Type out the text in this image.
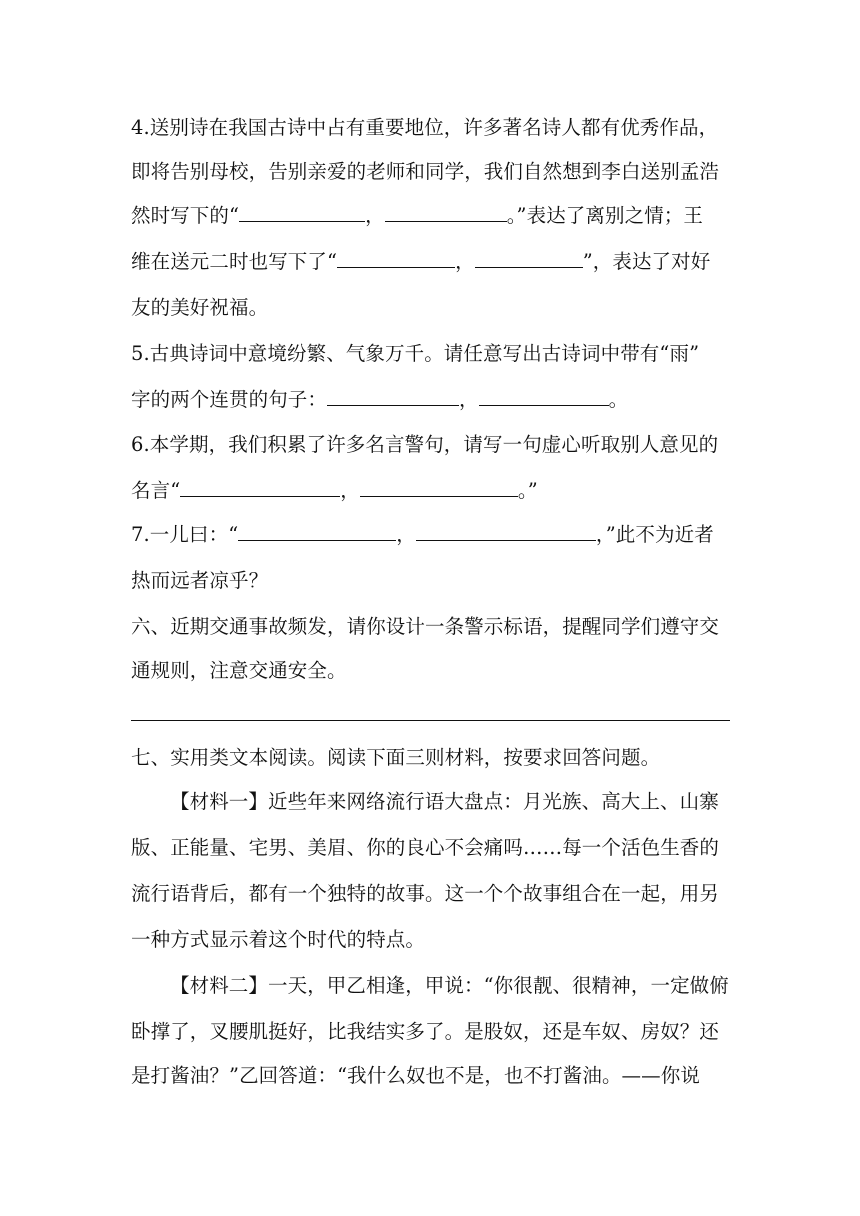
4.送别诗在我国古诗中占有重要地位，许多著名诗人都有优秀作品，
即将告别母校，告别亲爱的老师和同学，我们自然想到李白送别孟浩
然时写下的“	，	。”表达了离别之情；王
维在送元二时也写下了“	，	”，表达了对好
友的美好祝福。
5.古典诗词中意境纷繁、气象万千。请任意写出古诗词中带有“雨”
字的两个连贯的句子：	，	。
6.本学期，我们积累了许多名言警句，请写一句虚心听取别人意见的
名言“	，	。”
7.一儿曰：“	，	，”此不为近者
热而远者凉乎？
六、近期交通事故频发，请你设计一条警示标语，提醒同学们遵守交
通规则，注意交通安全。
七、实用类文本阅读。阅读下面三则材料，按要求回答问题。
【材料一】近些年来网络流行语大盘点：月光族、高大上、山寨
版、正能量、宅男、美眉、你的良心不会痛吗……每一个活色生香的
流行语背后，都有一个独特的故事。这一个个故事组合在一起，用另
一种方式显示着这个时代的特点。
【材料二】一天，甲乙相逢，甲说：“你很靓、很精神，一定做俯
卧撑了，叉腰肌挺好，比我结实多了。是股奴，还是车奴、房奴？还
是打酱油？”乙回答道：“我什么奴也不是，也不打酱油。——你说
